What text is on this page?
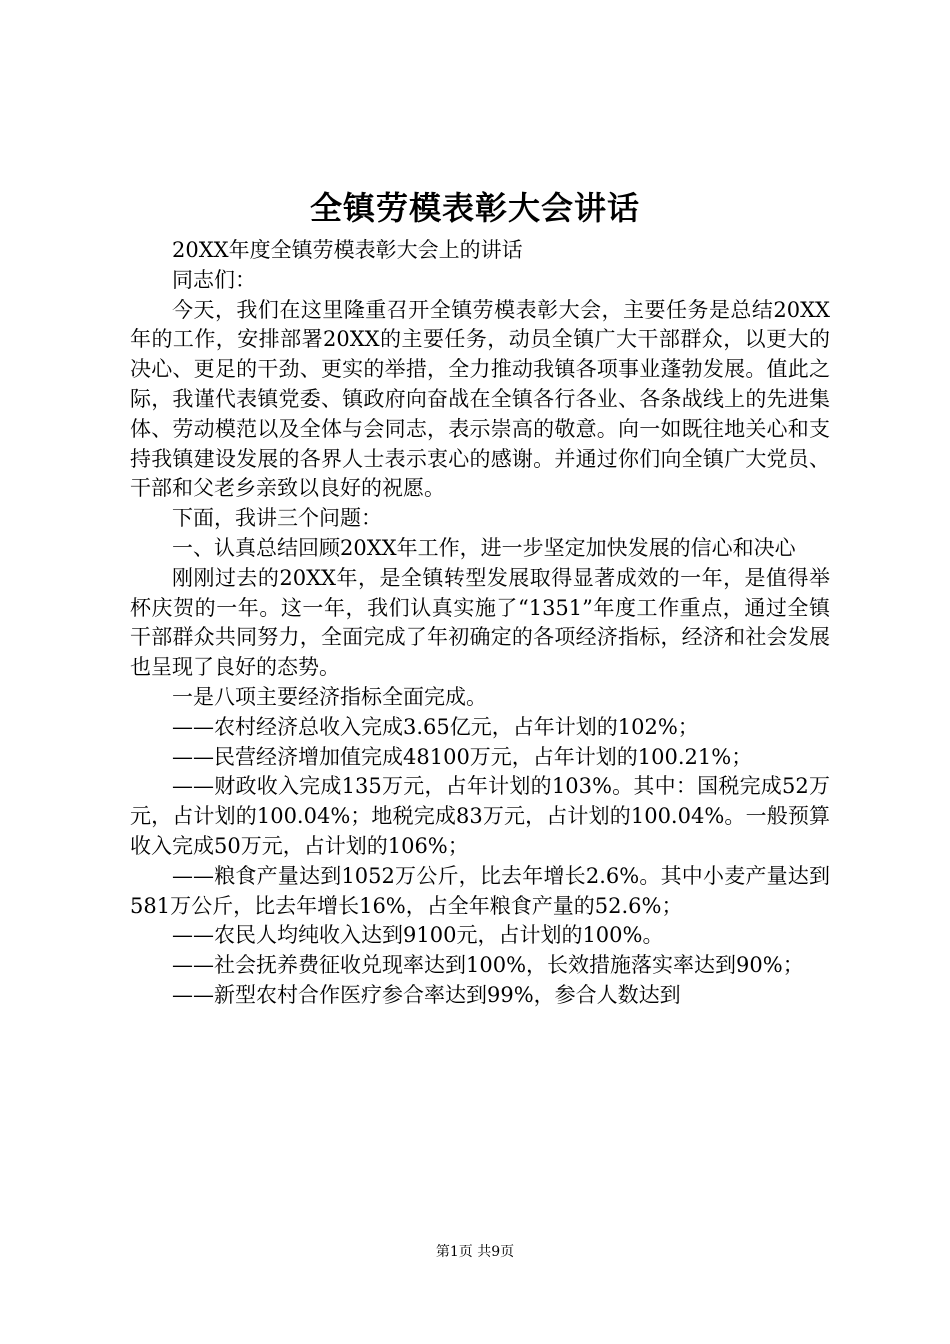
全镇劳模表彰大会讲话

20XX年度全镇劳模表彰大会上的讲话

同志们：

今天，我们在这里隆重召开全镇劳模表彰大会，主要任务是总结20XX年的工作，安排部署20XX的主要任务，动员全镇广大干部群众，以更大的决心、更足的干劲、更实的举措，全力推动我镇各项事业蓬勃发展。值此之际，我谨代表镇党委、镇政府向奋战在全镇各行各业、各条战线上的先进集体、劳动模范以及全体与会同志，表示崇高的敬意。向一如既往地关心和支持我镇建设发展的各界人士表示衷心的感谢。并通过你们向全镇广大党员、干部和父老乡亲致以良好的祝愿。

下面，我讲三个问题：

一、认真总结回顾20XX年工作，进一步坚定加快发展的信心和决心

刚刚过去的20XX年，是全镇转型发展取得显著成效的一年，是值得举杯庆贺的一年。这一年，我们认真实施了“1351”年度工作重点，通过全镇干部群众共同努力，全面完成了年初确定的各项经济指标，经济和社会发展也呈现了良好的态势。

一是八项主要经济指标全面完成。

——农村经济总收入完成3.65亿元，占年计划的102%；

——民营经济增加值完成48100万元，占年计划的100.21%；

——财政收入完成135万元，占年计划的103%。其中：国税完成52万元，占计划的100.04%；地税完成83万元，占计划的100.04%。一般预算收入完成50万元，占计划的106%；

——粮食产量达到1052万公斤，比去年增长2.6%。其中小麦产量达到581万公斤，比去年增长16%，占全年粮食产量的52.6%；

——农民人均纯收入达到9100元，占计划的100%。

——社会抚养费征收兑现率达到100%，长效措施落实率达到90%；

——新型农村合作医疗参合率达到99%，参合人数达到

第1页 共9页
